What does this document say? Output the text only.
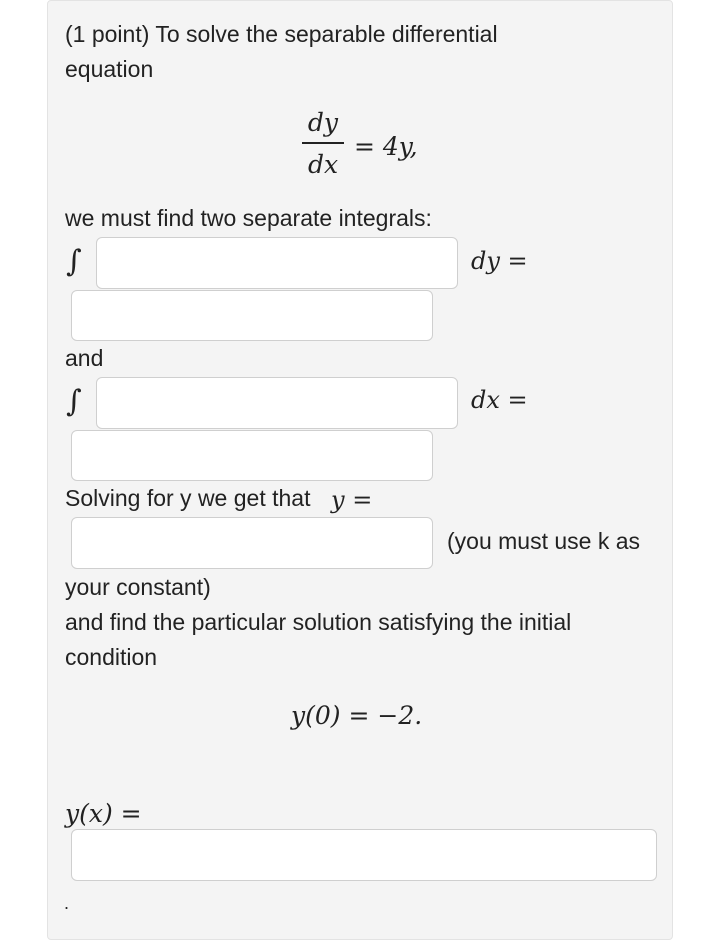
(1 point) To solve the separable differential
equation
dy
dx
= 4y,
we must find two separate integrals:
∫	dy =
and
∫	dx =
Solving for y we get that y =
(you must use k as
your constant)
and find the particular solution satisfying the initial
condition
y(0) = −2.
y(x) =
.
